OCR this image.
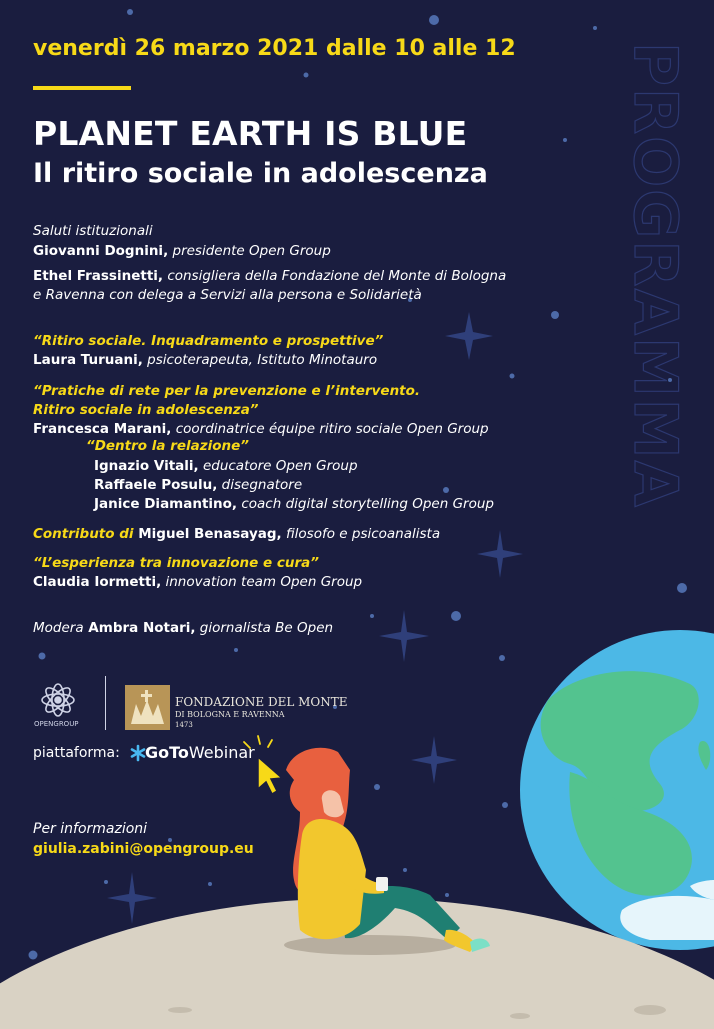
PROGRAMMA
venerdì 26 marzo 2021 dalle 10 alle 12
PLANET EARTH IS BLUE
Il ritiro sociale in adolescenza
Saluti istituzionali
Giovanni Dognini, presidente Open Group
Ethel Frassinetti, consigliera della Fondazione del Monte di Bologna
e Ravenna con delega a Servizi alla persona e Solidarietà
“Ritiro sociale. Inquadramento e prospettive”
Laura Turuani, psicoterapeuta, Istituto Minotauro
“Pratiche di rete per la prevenzione e l’intervento.
Ritiro sociale in adolescenza”
Francesca Marani, coordinatrice équipe ritiro sociale Open Group
“Dentro la relazione”
Ignazio Vitali, educatore Open Group
Raffaele Posulu, disegnatore
Janice Diamantino, coach digital storytelling Open Group
Contributo di Miguel Benasayag, filosofo e psicoanalista
“L’esperienza tra innovazione e cura”
Claudia Iormetti, innovation team Open Group
Modera Ambra Notari, giornalista Be Open
OPENGROUP
FONDAZIONE DEL MONTE
DI BOLOGNA E RAVENNA
1473
piattaforma: GoToWebinar
Per informazioni
giulia.zabini@opengroup.eu
